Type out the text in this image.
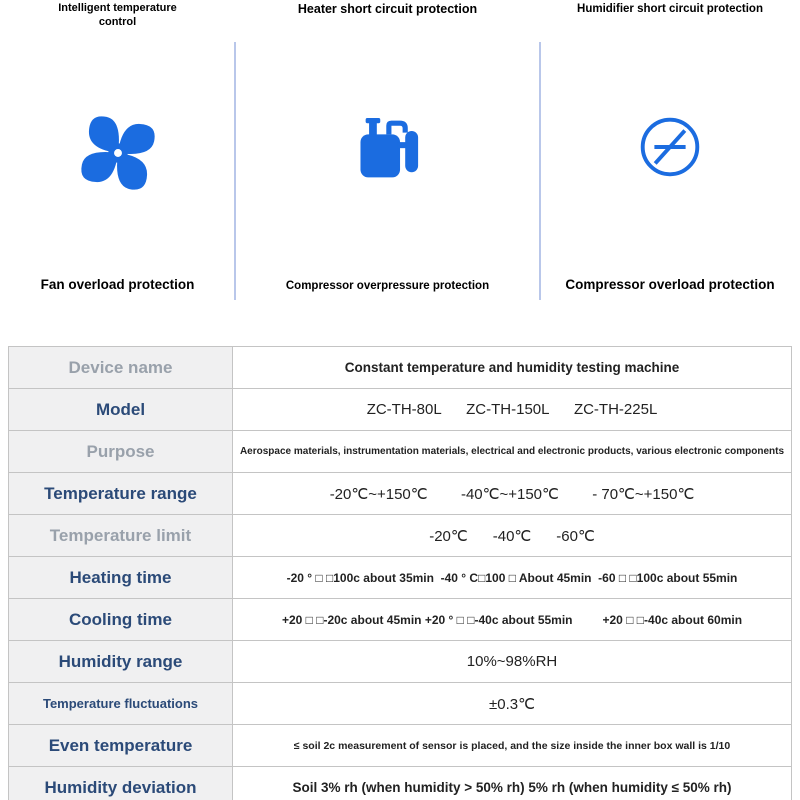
Intelligent temperature control
Fan overload protection
Heater short circuit protection
Compressor overpressure protection
Humidifier short circuit protection
Compressor overload protection
Device name	Constant temperature and humidity testing machine
Model	ZC-TH-80L      ZC-TH-150L      ZC-TH-225L
Purpose	Aerospace materials, instrumentation materials, electrical and electronic products, various electronic components
Temperature range	-20℃~+150℃        -40℃~+150℃        - 70℃~+150℃
Temperature limit	-20℃      -40℃      -60℃
Heating time	-20 ° □ □100c about 35min  -40 ° C□100 □ About 45min  -60 □ □100c about 55min
Cooling time	+20 □ □-20c about 45min +20 ° □ □-40c about 55min         +20 □ □-40c about 60min
Humidity range	10%~98%RH
Temperature fluctuations	±0.3℃
Even temperature	≤ soil 2c measurement of sensor is placed, and the size inside the inner box wall is 1/10
Humidity deviation	Soil 3% rh (when humidity > 50% rh) 5% rh (when humidity ≤ 50% rh)
